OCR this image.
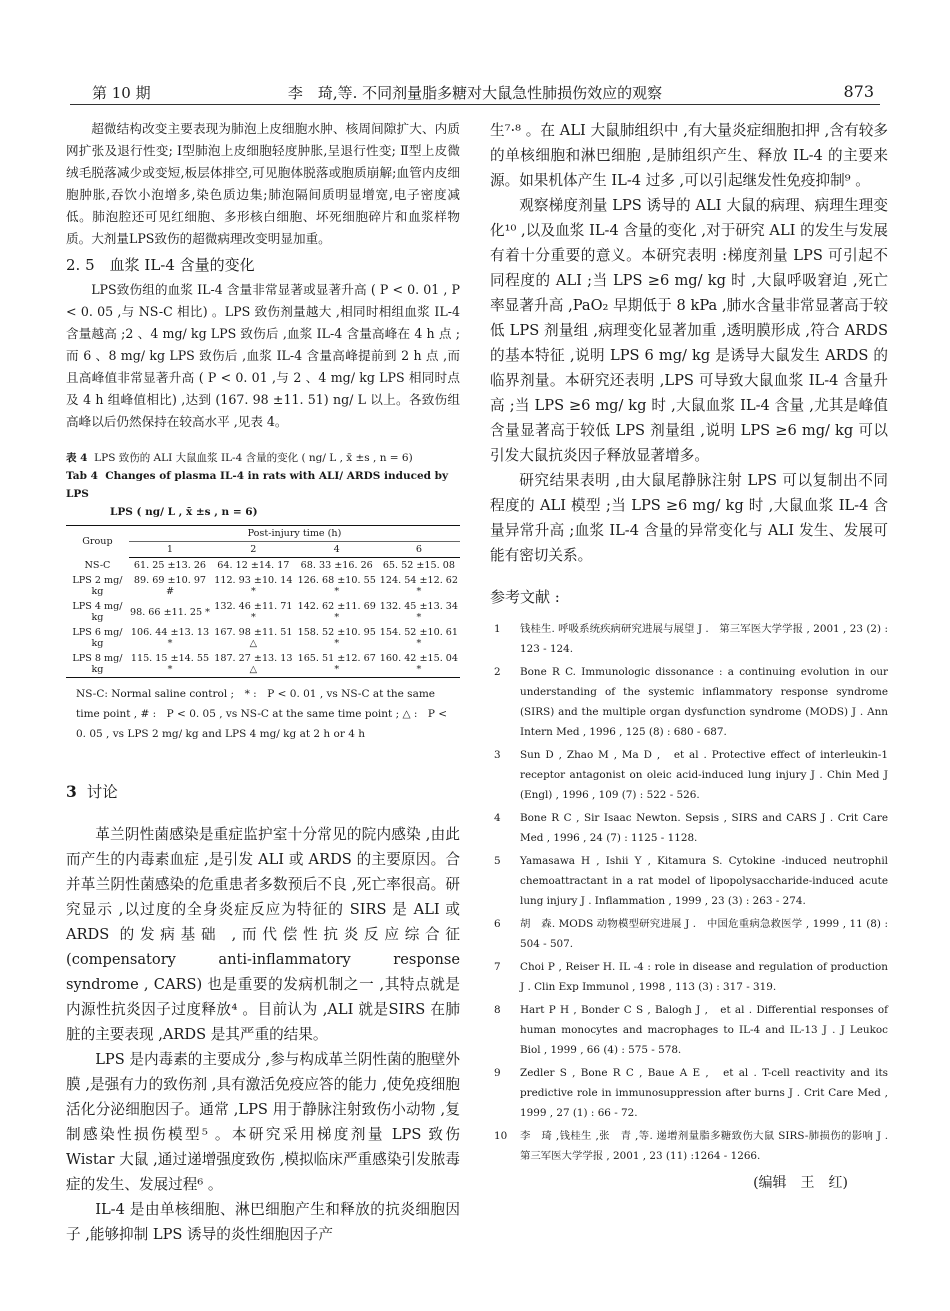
第 10 期	李　琦,等. 不同剂量脂多糖对大鼠急性肺损伤效应的观察	873

超微结构改变主要表现为肺泡上皮细胞水肿、核周间隙扩大、内质网扩张及退行性变; Ⅰ型肺泡上皮细胞轻度肿胀,呈退行性变; Ⅱ型上皮微绒毛脱落减少或变短,板层体排空,可见胞体脱落或胞质崩解;血管内皮细胞肿胀,吞饮小泡增多,染色质边集;肺泡隔间质明显增宽,电子密度减低。肺泡腔还可见红细胞、多形核白细胞、坏死细胞碎片和血浆样物质。大剂量LPS致伤的超微病理改变明显加重。

2. 5　血浆 IL-4 含量的变化

LPS致伤组的血浆 IL-4 含量非常显著或显著升高 ( P < 0. 01 , P < 0. 05 ,与 NS-C 相比) 。LPS 致伤剂量越大 ,相同时相组血浆 IL-4 含量越高 ;2 、4 mg/ kg LPS 致伤后 ,血浆 IL-4 含量高峰在 4 h 点 ;而 6 、8 mg/ kg LPS 致伤后 ,血浆 IL-4 含量高峰提前到 2 h 点 ,而且高峰值非常显著升高 ( P < 0. 01 ,与 2 、4 mg/ kg LPS 相同时点及 4 h 组峰值相比) ,达到 (167. 98 ±11. 51) ng/ L 以上。各致伤组高峰以后仍然保持在较高水平 ,见表 4。

表 4 LPS 致伤的 ALI 大鼠血浆 IL-4 含量的变化 ( ng/ L , x̄ ±s , n = 6)
Tab 4 Changes of plasma IL-4 in rats with ALI/ ARDS induced by LPS
LPS ( ng/ L , x̄ ±s , n = 6)
Group	Post-injury time (h)			
	1	2	4	6
NS-C	61. 25 ±13. 26	64. 12 ±14. 17	68. 33 ±16. 26	65. 52 ±15. 08
LPS 2 mg/ kg	89. 69 ±10. 97 #	112. 93 ±10. 14 *	126. 68 ±10. 55 *	124. 54 ±12. 62 *
LPS 4 mg/ kg	98. 66 ±11. 25 *	132. 46 ±11. 71 *	142. 62 ±11. 69 *	132. 45 ±13. 34 *
LPS 6 mg/ kg	106. 44 ±13. 13 *	167. 98 ±11. 51 △	158. 52 ±10. 95 *	154. 52 ±10. 61 *
LPS 8 mg/ kg	115. 15 ±14. 55 *	187. 27 ±13. 13 △	165. 51 ±12. 67 *	160. 42 ±15. 04 *
NS-C: Normal saline control ;　* :　P < 0. 01 , vs NS-C at the same time point , # :　P < 0. 05 , vs NS-C at the same time point ; △ :　P < 0. 05 , vs LPS 2 mg/ kg and LPS 4 mg/ kg at 2 h or 4 h
3 讨论

革兰阴性菌感染是重症监护室十分常见的院内感染 ,由此而产生的内毒素血症 ,是引发 ALI 或 ARDS 的主要原因。合并革兰阴性菌感染的危重患者多数预后不良 ,死亡率很高。研究显示 ,以过度的全身炎症反应为特征的 SIRS 是 ALI 或 ARDS 的发病基础 ,而代偿性抗炎反应综合征(compensatory anti-inflammatory response syndrome , CARS) 也是重要的发病机制之一 ,其特点就是内源性抗炎因子过度释放⁴ 。目前认为 ,ALI 就是SIRS 在肺脏的主要表现 ,ARDS 是其严重的结果。

LPS 是内毒素的主要成分 ,参与构成革兰阴性菌的胞壁外膜 ,是强有力的致伤剂 ,具有激活免疫应答的能力 ,使免疫细胞活化分泌细胞因子。通常 ,LPS 用于静脉注射致伤小动物 ,复制感染性损伤模型⁵ 。本研究采用梯度剂量 LPS 致伤 Wistar 大鼠 ,通过递增强度致伤 ,模拟临床严重感染引发脓毒症的发生、发展过程⁶ 。

IL-4 是由单核细胞、淋巴细胞产生和释放的抗炎细胞因子 ,能够抑制 LPS 诱导的炎性细胞因子产

生⁷·⁸ 。在 ALI 大鼠肺组织中 ,有大量炎症细胞扣押 ,含有较多的单核细胞和淋巴细胞 ,是肺组织产生、释放 IL-4 的主要来源。如果机体产生 IL-4 过多 ,可以引起继发性免疫抑制⁹ 。

观察梯度剂量 LPS 诱导的 ALI 大鼠的病理、病理生理变化¹⁰ ,以及血浆 IL-4 含量的变化 ,对于研究 ALI 的发生与发展有着十分重要的意义。本研究表明 :梯度剂量 LPS 可引起不同程度的 ALI ;当 LPS ≥6 mg/ kg 时 ,大鼠呼吸窘迫 ,死亡率显著升高 ,PaO₂ 早期低于 8 kPa ,肺水含量非常显著高于较低 LPS 剂量组 ,病理变化显著加重 ,透明膜形成 ,符合 ARDS 的基本特征 ,说明 LPS 6 mg/ kg 是诱导大鼠发生 ARDS 的临界剂量。本研究还表明 ,LPS 可导致大鼠血浆 IL-4 含量升高 ;当 LPS ≥6 mg/ kg 时 ,大鼠血浆 IL-4 含量 ,尤其是峰值含量显著高于较低 LPS 剂量组 ,说明 LPS ≥6 mg/ kg 可以引发大鼠抗炎因子释放显著增多。

研究结果表明 ,由大鼠尾静脉注射 LPS 可以复制出不同程度的 ALI 模型 ;当 LPS ≥6 mg/ kg 时 ,大鼠血浆 IL-4 含量异常升高 ;血浆 IL-4 含量的异常变化与 ALI 发生、发展可能有密切关系。

参考文献 :
1	钱桂生. 呼吸系统疾病研究进展与展望 J .　第三军医大学学报 , 2001 , 23 (2) : 123 - 124.
2	Bone R C. Immunologic dissonance : a continuing evolution in our understanding of the systemic inflammatory response syndrome (SIRS) and the multiple organ dysfunction syndrome (MODS) J . Ann Intern Med , 1996 , 125 (8) : 680 - 687.
3	Sun D , Zhao M , Ma D ,　et al . Protective effect of interleukin-1 receptor antagonist on oleic acid-induced lung injury J . Chin Med J (Engl) , 1996 , 109 (7) : 522 - 526.
4	Bone R C , Sir Isaac Newton. Sepsis , SIRS and CARS J . Crit Care Med , 1996 , 24 (7) : 1125 - 1128.
5	Yamasawa H , Ishii Y , Kitamura S. Cytokine -induced neutrophil chemoattractant in a rat model of lipopolysaccharide-induced acute lung injury J . Inflammation , 1999 , 23 (3) : 263 - 274.
6	胡　森. MODS 动物模型研究进展 J .　中国危重病急救医学 , 1999 , 11 (8) : 504 - 507.
7	Choi P , Reiser H. IL -4 : role in disease and regulation of production J . Clin Exp Immunol , 1998 , 113 (3) : 317 - 319.
8	Hart P H , Bonder C S , Balogh J ,　et al . Differential responses of human monocytes and macrophages to IL-4 and IL-13 J . J Leukoc Biol , 1999 , 66 (4) : 575 - 578.
9	Zedler S , Bone R C , Baue A E ,　et al . T-cell reactivity and its predictive role in immunosuppression after burns J . Crit Care Med , 1999 , 27 (1) : 66 - 72.
10	李　琦 ,钱桂生 ,张　青 ,等. 递增剂量脂多糖致伤大鼠 SIRS-肺损伤的影响 J .　第三军医大学学报 , 2001 , 23 (11) :1264 - 1266.
(编辑　王　红)
